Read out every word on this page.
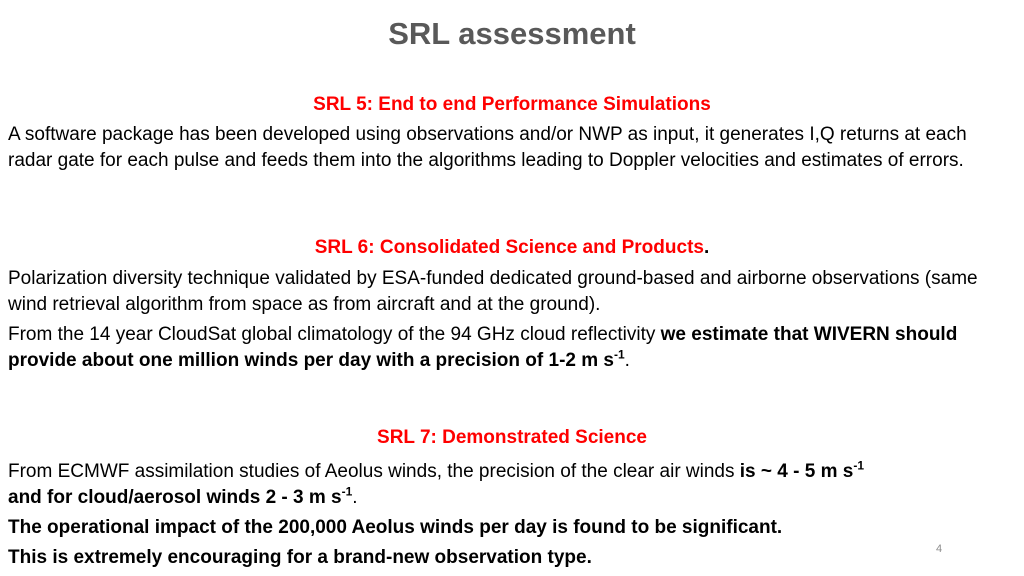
SRL assessment
SRL 5: End to end Performance Simulations
A software package has been developed using observations and/or NWP as input, it generates I,Q returns at each radar gate for each pulse and feeds them into the algorithms leading to Doppler velocities and estimates of errors.
SRL 6: Consolidated Science and Products.
Polarization diversity technique validated by ESA-funded dedicated ground-based and airborne observations (same wind retrieval algorithm from space as from aircraft and at the ground).
From the 14 year CloudSat global climatology of the 94 GHz cloud reflectivity we estimate that WIVERN should provide about one million winds per day with a precision of 1-2 m $s^{-1}$.
SRL 7: Demonstrated Science
From ECMWF assimilation studies of Aeolus winds, the precision of the clear air winds is ~ 4 - 5 m $s^{-1}$
and for cloud/aerosol winds 2 - 3 m $s^{-1}$.
The operational impact of the 200,000 Aeolus winds per day is found to be significant.
This is extremely encouraging for a brand-new observation type.	4
